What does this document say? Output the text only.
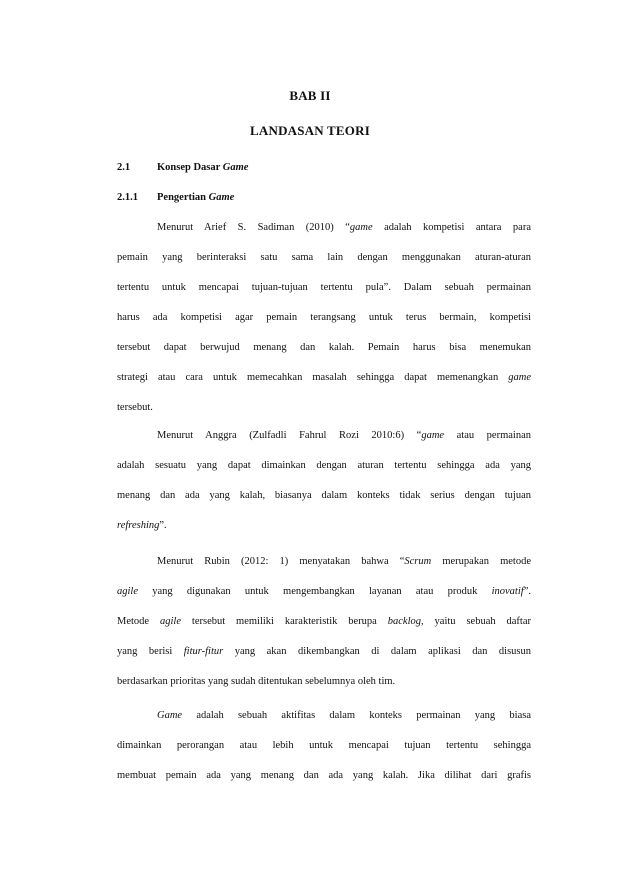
BAB II
LANDASAN TEORI
2.1	Konsep Dasar Game
2.1.1 Pengertian Game
Menurut Arief S. Sadiman (2010) “game adalah kompetisi antara para
pemain yang berinteraksi satu sama lain dengan menggunakan aturan-aturan
tertentu untuk mencapai tujuan-tujuan tertentu pula”. Dalam sebuah permainan
harus ada kompetisi agar pemain terangsang untuk terus bermain, kompetisi
tersebut dapat berwujud menang dan kalah. Pemain harus bisa menemukan
strategi atau cara untuk memecahkan masalah sehingga dapat memenangkan game
tersebut.
Menurut Anggra (Zulfadli Fahrul Rozi 2010:6) “game atau permainan
adalah sesuatu yang dapat dimainkan dengan aturan tertentu sehingga ada yang
menang dan ada yang kalah, biasanya dalam konteks tidak serius dengan tujuan
refreshing”.
Menurut Rubin (2012: 1) menyatakan bahwa “Scrum merupakan metode
agile yang digunakan untuk mengembangkan layanan atau produk inovatif”.
Metode agile tersebut memiliki karakteristik berupa backlog, yaitu sebuah daftar
yang berisi fitur-fitur yang akan dikembangkan di dalam aplikasi dan disusun
berdasarkan prioritas yang sudah ditentukan sebelumnya oleh tim.
Game adalah sebuah aktifitas dalam konteks permainan yang biasa
dimainkan perorangan atau lebih untuk mencapai tujuan tertentu sehingga
membuat pemain ada yang menang dan ada yang kalah. Jika dilihat dari grafis
